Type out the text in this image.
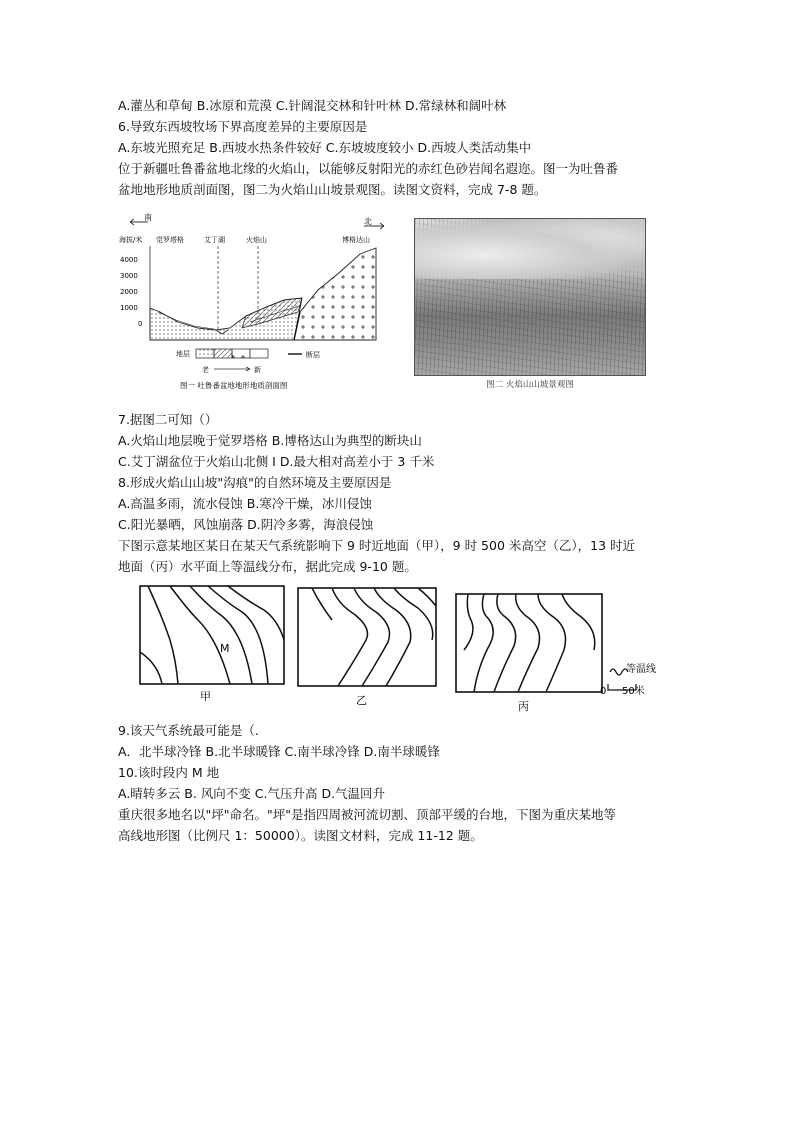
A.灌丛和草甸 B.冰原和荒漠 C.针阔混交林和针叶林 D.常绿林和阔叶林
6.导致东西坡牧场下界高度差异的主要原因是
A.东坡光照充足 B.西坡水热条件较好 C.东坡坡度较小 D.西坡人类活动集中
位于新疆吐鲁番盆地北缘的火焰山，以能够反射阳光的赤红色砂岩闻名遐迩。图一为吐鲁番
盆地地形地质剖面图，图二为火焰山山坡景观图。读图文资料，完成 7-8 题。
南	北
海拔/米
4000
3000
2000
1000
0
觉罗塔格	艾丁湖	火焰山	博格达山
地层	断层
老	新
图一 吐鲁番盆地地形地质剖面图	图二 火焰山山坡景观图
7.据图二可知（）
A.火焰山地层晚于觉罗塔格 B.博格达山为典型的断块山
C.艾丁湖盆位于火焰山北侧 I D.最大相对高差小于 3 千米
8.形成火焰山山坡"沟痕"的自然环境及主要原因是
A.高温多雨，流水侵蚀 B.寒冷干燥，冰川侵蚀
C.阳光暴晒，风蚀崩落 D.阴冷多雾，海浪侵蚀
下图示意某地区某日在某天气系统影响下 9 时近地面（甲），9 时 500 米高空（乙），13 时近
地面（丙）水平面上等温线分布，据此完成 9-10 题。
M
甲	乙	丙
等温线
0 50米
9.该天气系统最可能是（.
A．北半球冷锋 B.北半球暖锋 C.南半球冷锋 D.南半球暖锋
10.该时段内 M 地
A.晴转多云 B. 风向不变 C.气压升高 D.气温回升
重庆很多地名以"坪"命名。"坪"是指四周被河流切割、顶部平缓的台地，下图为重庆某地等
高线地形图（比例尺 1：50000）。读图文材料，完成 11-12 题。
